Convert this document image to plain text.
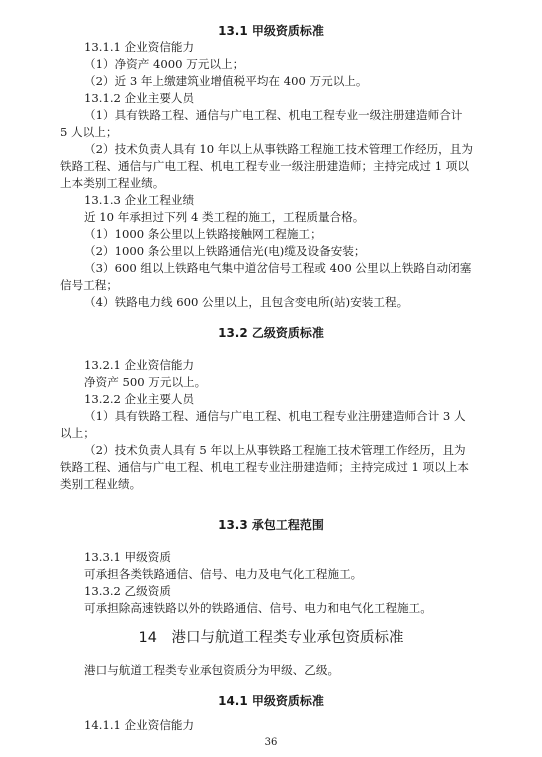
13.1 甲级资质标准
13.1.1 企业资信能力
（1）净资产 4000 万元以上；
（2）近 3 年上缴建筑业增值税平均在 400 万元以上。
13.1.2 企业主要人员
（1）具有铁路工程、通信与广电工程、机电工程专业一级注册建造师合计
5 人以上；
（2）技术负责人具有 10 年以上从事铁路工程施工技术管理工作经历，且为
铁路工程、通信与广电工程、机电工程专业一级注册建造师；主持完成过 1 项以
上本类别工程业绩。
13.1.3 企业工程业绩
近 10 年承担过下列 4 类工程的施工，工程质量合格。
（1）1000 条公里以上铁路接触网工程施工；
（2）1000 条公里以上铁路通信光(电)缆及设备安装；
（3）600 组以上铁路电气集中道岔信号工程或 400 公里以上铁路自动闭塞
信号工程；
（4）铁路电力线 600 公里以上，且包含变电所(站)安装工程。
13.2 乙级资质标准
13.2.1 企业资信能力
净资产 500 万元以上。
13.2.2 企业主要人员
（1）具有铁路工程、通信与广电工程、机电工程专业注册建造师合计 3 人
以上；
（2）技术负责人具有 5 年以上从事铁路工程施工技术管理工作经历，且为
铁路工程、通信与广电工程、机电工程专业注册建造师；主持完成过 1 项以上本
类别工程业绩。
13.3 承包工程范围
13.3.1 甲级资质
可承担各类铁路通信、信号、电力及电气化工程施工。
13.3.2 乙级资质
可承担除高速铁路以外的铁路通信、信号、电力和电气化工程施工。
14　港口与航道工程类专业承包资质标准
港口与航道工程类专业承包资质分为甲级、乙级。
14.1 甲级资质标准
14.1.1 企业资信能力
36
